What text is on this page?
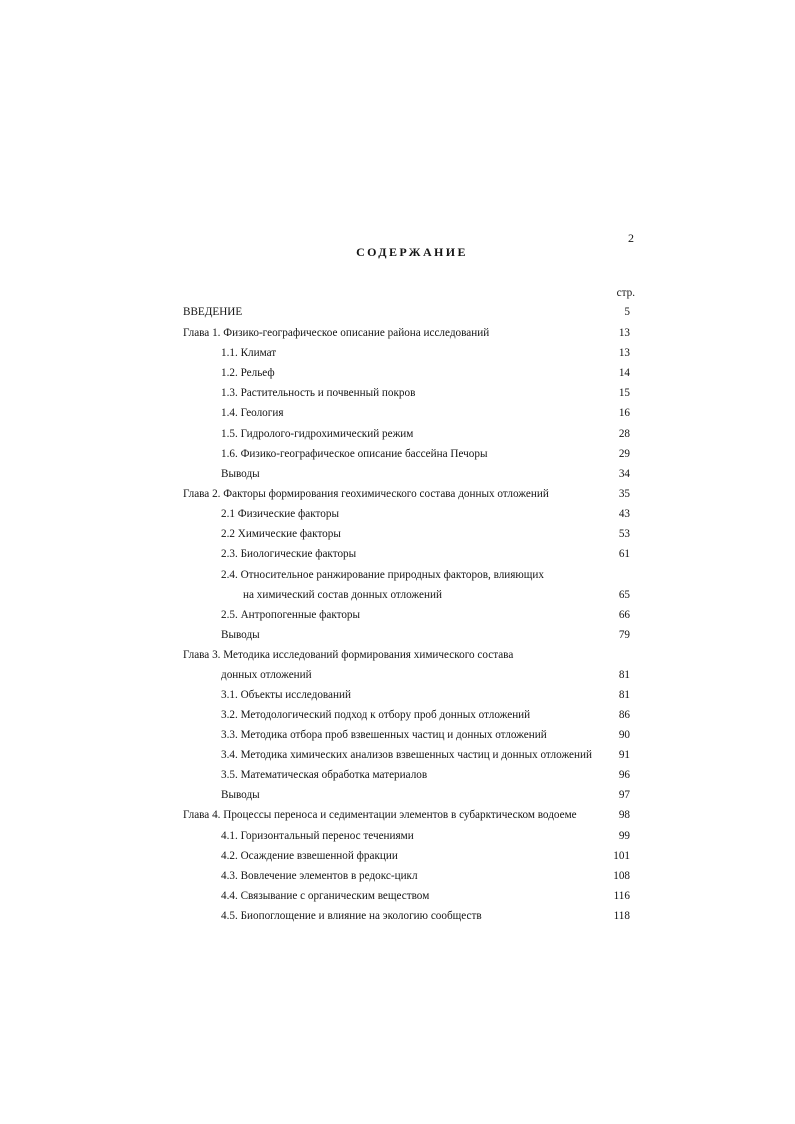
2
СОДЕРЖАНИЕ
стр.
ВВЕДЕНИЕ	5
Глава 1. Физико-географическое описание района исследований	13
1.1. Климат	13
1.2. Рельеф	14
1.3. Растительность и почвенный покров	15
1.4. Геология	16
1.5. Гидролого-гидрохимический режим	28
1.6. Физико-географическое описание бассейна Печоры	29
Выводы	34
Глава 2. Факторы формирования геохимического состава донных отложений	35
2.1 Физические факторы	43
2.2 Химические факторы	53
2.3. Биологические факторы	61
2.4. Относительное ранжирование природных факторов, влияющих
на химический состав донных отложений	65
2.5. Антропогенные факторы	66
Выводы	79
Глава 3. Методика исследований формирования химического состава
донных отложений	81
3.1. Объекты исследований	81
3.2. Методологический подход к отбору проб донных отложений	86
3.3. Методика отбора проб взвешенных частиц и донных отложений	90
3.4. Методика химических анализов взвешенных частиц и донных отложений 91
3.5. Математическая обработка материалов	96
Выводы	97
Глава 4. Процессы переноса и седиментации элементов в субарктическом водоеме	98
4.1. Горизонтальный перенос течениями	99
4.2. Осаждение взвешенной фракции	101
4.3. Вовлечение элементов в редокс-цикл	108
4.4. Связывание с органическим веществом	116
4.5. Биопоглощение и влияние на экологию сообществ	118
